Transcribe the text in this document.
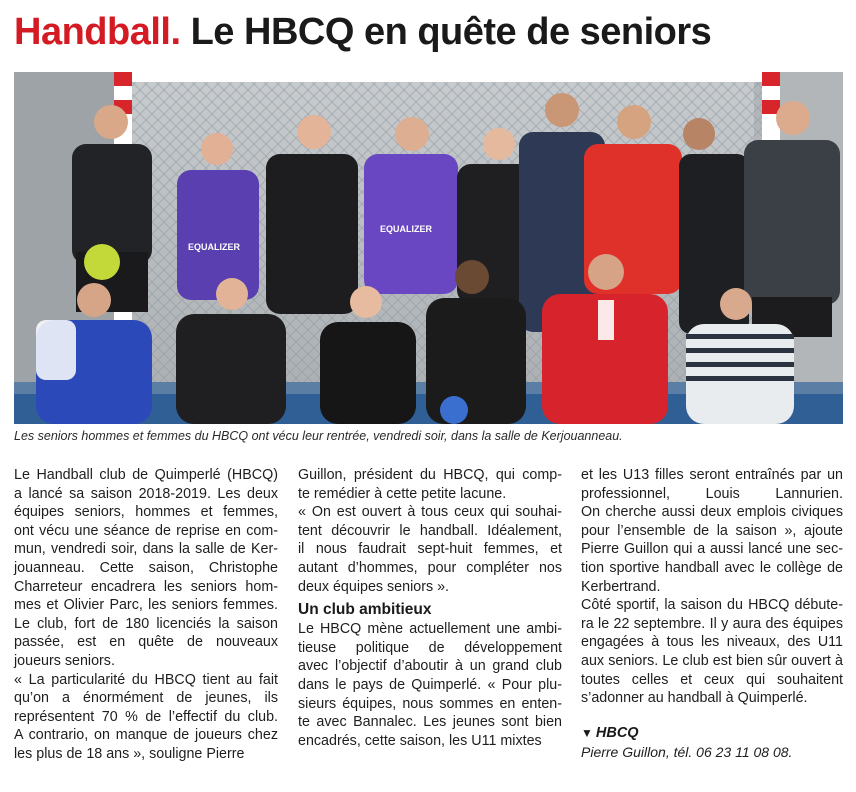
Handball. Le HBCQ en quête de seniors
EQUALIZER
EQUALIZER
Les seniors hommes et femmes du HBCQ ont vécu leur rentrée, vendredi soir, dans la salle de Kerjouanneau.
Le Handball club de Quimperlé (HBCQ)
a lancé sa saison 2018-2019. Les deux
équipes seniors, hommes et femmes,
ont vécu une séance de reprise en com-
mun, vendredi soir, dans la salle de Ker-
jouanneau. Cette saison, Christophe
Charreteur encadrera les seniors hom-
mes et Olivier Parc, les seniors femmes.
Le club, fort de 180 licenciés la saison
passée, est en quête de nouveaux
joueurs seniors.
« La particularité du HBCQ tient au fait
qu’on a énormément de jeunes, ils
représentent 70 % de l’effectif du club.
A contrario, on manque de joueurs chez
les plus de 18 ans », souligne Pierre
Guillon, président du HBCQ, qui comp-
te remédier à cette petite lacune.
« On est ouvert à tous ceux qui souhai-
tent découvrir le handball. Idéalement,
il nous faudrait sept-huit femmes, et
autant d’hommes, pour compléter nos
deux équipes seniors ».
Un club ambitieux
Le HBCQ mène actuellement une ambi-
tieuse politique de développement
avec l’objectif d’aboutir à un grand club
dans le pays de Quimperlé. « Pour plu-
sieurs équipes, nous sommes en enten-
te avec Bannalec. Les jeunes sont bien
encadrés, cette saison, les U11 mixtes
et les U13 filles seront entraînés par un
professionnel, Louis Lannurien.
On cherche aussi deux emplois civiques
pour l’ensemble de la saison », ajoute
Pierre Guillon qui a aussi lancé une sec-
tion sportive handball avec le collège de
Kerbertrand.
Côté sportif, la saison du HBCQ débute-
ra le 22 septembre. Il y aura des équipes
engagées à tous les niveaux, des U11
aux seniors. Le club est bien sûr ouvert à
toutes celles et ceux qui souhaitent
s’adonner au handball à Quimperlé.
▼ HBCQ
Pierre Guillon, tél. 06 23 11 08 08.
